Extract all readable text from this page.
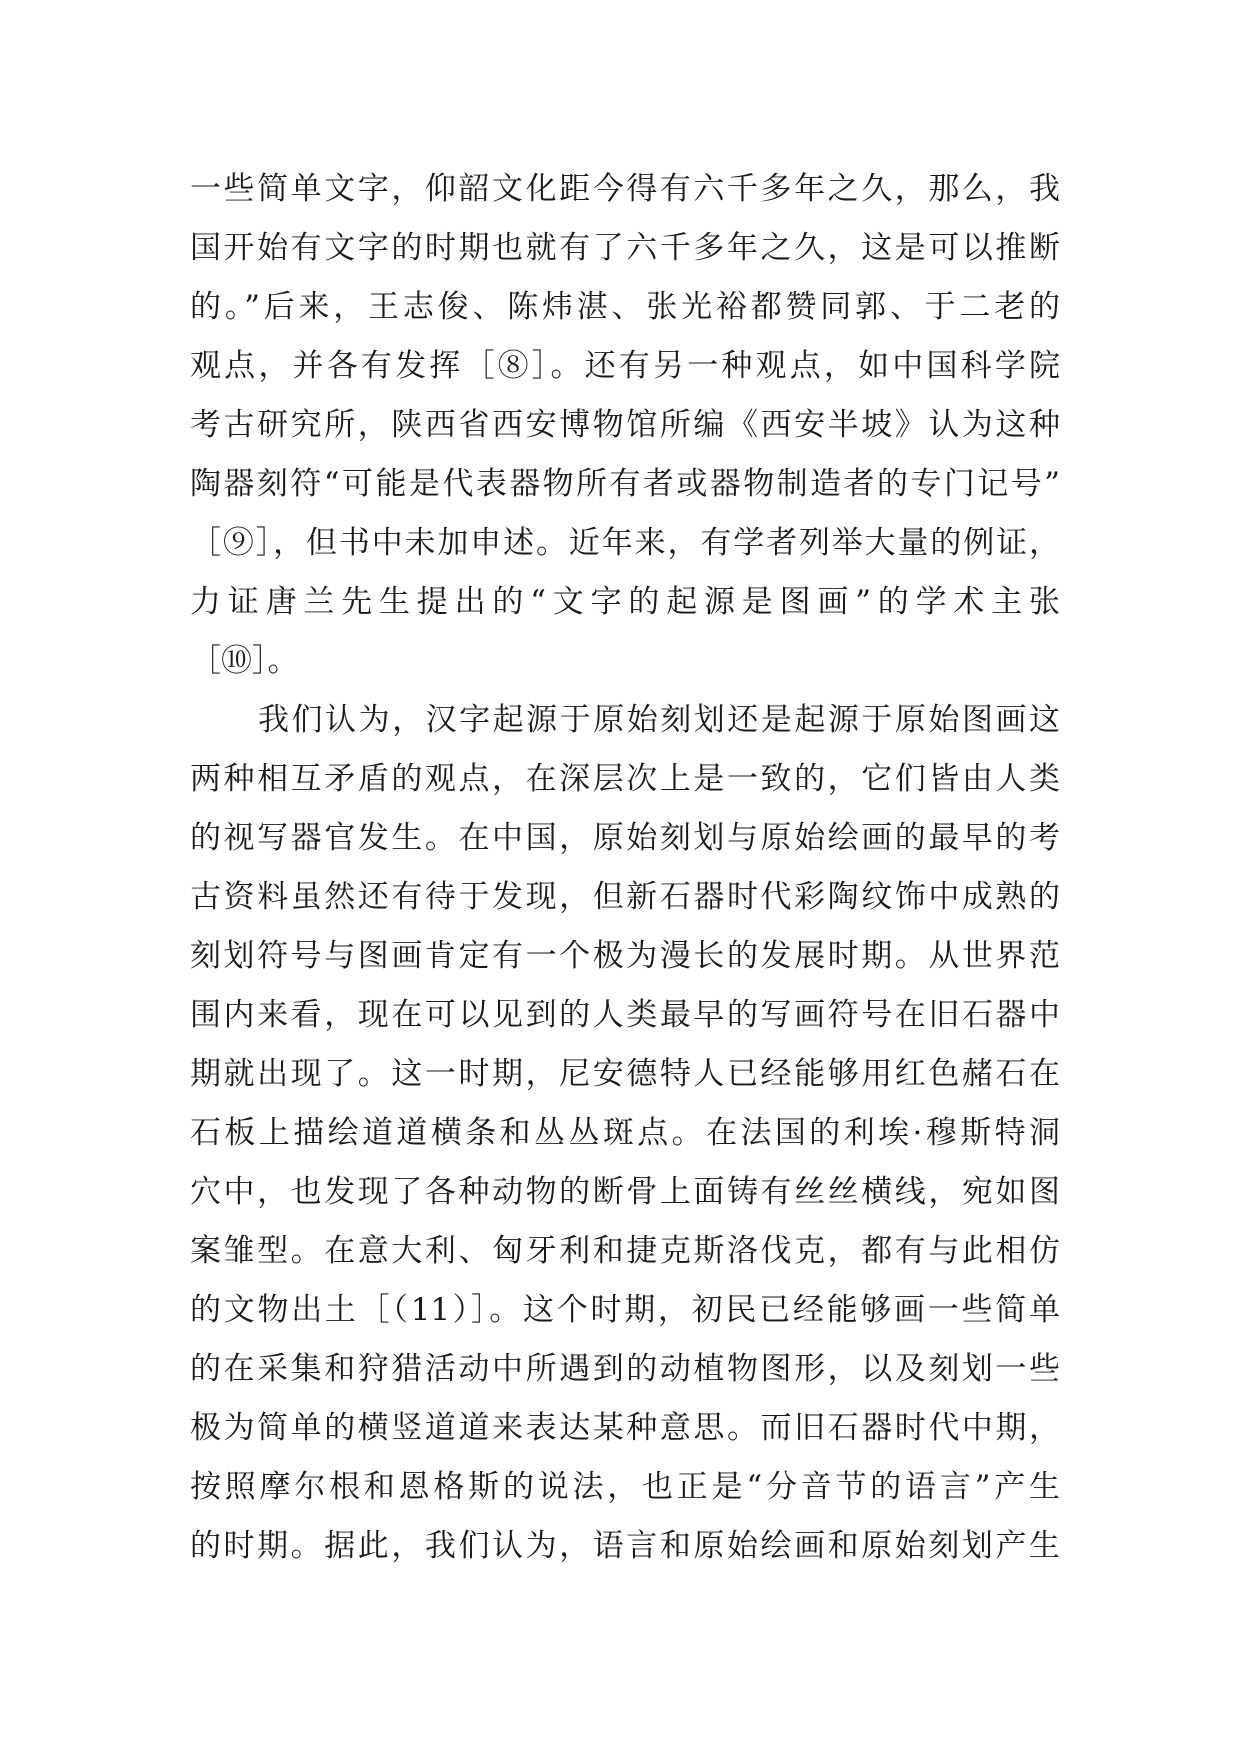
一些简单文字，仰韶文化距今得有六千多年之久，那么，我
国开始有文字的时期也就有了六千多年之久，这是可以推断
的。”后来，王志俊、陈炜湛、张光裕都赞同郭、于二老的
观点，并各有发挥［⑧］。还有另一种观点，如中国科学院
考古研究所，陕西省西安博物馆所编《西安半坡》认为这种
陶器刻符“可能是代表器物所有者或器物制造者的专门记号”
［⑨］，但书中未加申述。近年来，有学者列举大量的例证，
力证唐兰先生提出的“文字的起源是图画”的学术主张
［⑩］。
我们认为，汉字起源于原始刻划还是起源于原始图画这
两种相互矛盾的观点，在深层次上是一致的，它们皆由人类
的视写器官发生。在中国，原始刻划与原始绘画的最早的考
古资料虽然还有待于发现，但新石器时代彩陶纹饰中成熟的
刻划符号与图画肯定有一个极为漫长的发展时期。从世界范
围内来看，现在可以见到的人类最早的写画符号在旧石器中
期就出现了。这一时期，尼安德特人已经能够用红色赭石在
石板上描绘道道横条和丛丛斑点。在法国的利埃·穆斯特洞
穴中，也发现了各种动物的断骨上面铸有丝丝横线，宛如图
案雏型。在意大利、匈牙利和捷克斯洛伐克，都有与此相仿
的文物出土［（11）］。这个时期，初民已经能够画一些简单
的在采集和狩猎活动中所遇到的动植物图形，以及刻划一些
极为简单的横竖道道来表达某种意思。而旧石器时代中期，
按照摩尔根和恩格斯的说法，也正是“分音节的语言”产生
的时期。据此，我们认为，语言和原始绘画和原始刻划产生
